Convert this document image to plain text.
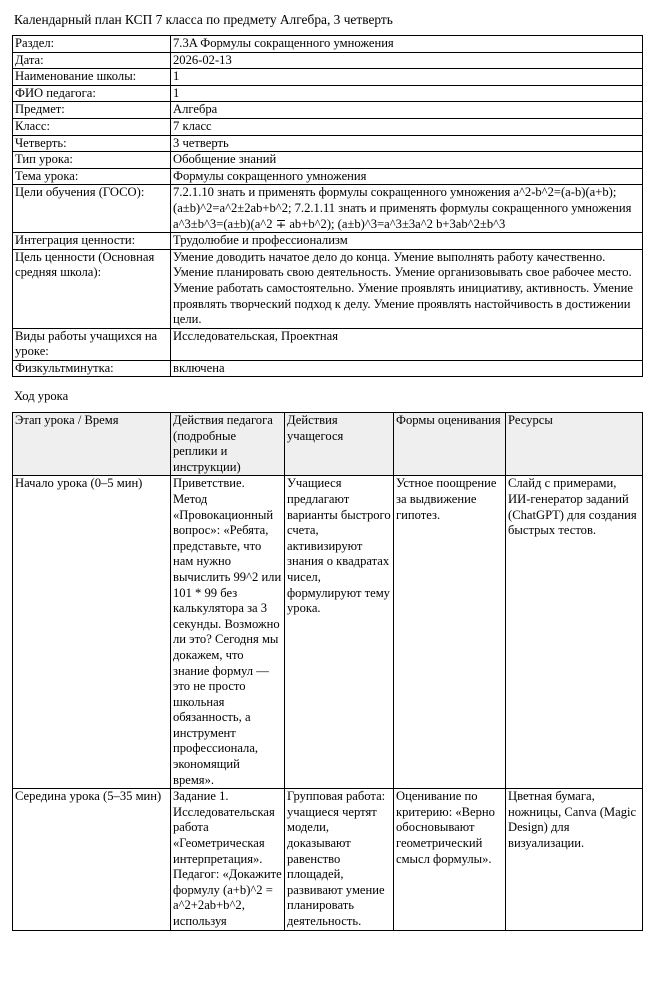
Календарный план КСП 7 класса по предмету Алгебра, 3 четверть
Раздел:	7.3A Формулы сокращенного умножения
Дата:	2026-02-13
Наименование школы:	1
ФИО педагога:	1
Предмет:	Алгебра
Класс:	7 класс
Четверть:	3 четверть
Тип урока:	Обобщение знаний
Тема урока:	Формулы сокращенного умножения
Цели обучения (ГОСО):	7.2.1.10 знать и применять формулы сокращенного умножения a^2-b^2=(a-b)(a+b); (a±b)^2=a^2±2ab+b^2; 7.2.1.11 знать и применять формулы сокращенного умножения a^3±b^3=(a±b)(a^2 ∓ ab+b^2); (a±b)^3=a^3±3a^2 b+3ab^2±b^3
Интеграция ценности:	Трудолюбие и профессионализм
Цель ценности (Основная средняя школа):	Умение доводить начатое дело до конца. Умение выполнять работу качественно. Умение планировать свою деятельность. Умение организовывать свое рабочее место. Умение работать самостоятельно. Умение проявлять инициативу, активность. Умение проявлять творческий подход к делу. Умение проявлять настойчивость в достижении цели.
Виды работы учащихся на уроке:	Исследовательская, Проектная
Физкультминутка:	включена
Ход урока
Этап урока / Время	Действия педагога (подробные реплики и инструкции)	Действия учащегося	Формы оценивания	Ресурсы
Начало урока (0–5 мин)	Приветствие. Метод «Провокационный вопрос»: «Ребята, представьте, что нам нужно вычислить 99^2 или 101 * 99 без калькулятора за 3 секунды. Возможно ли это? Сегодня мы докажем, что знание формул — это не просто школьная обязанность, а инструмент профессионала, экономящий время».	Учащиеся предлагают варианты быстрого счета, активизируют знания о квадратах чисел, формулируют тему урока.	Устное поощрение за выдвижение гипотез.	Слайд с примерами, ИИ-генератор заданий (ChatGPT) для создания быстрых тестов.
Середина урока (5–35 мин)	Задание 1. Исследовательская работа «Геометрическая интерпретация». Педагог: «Докажите формулу (a+b)^2 = a^2+2ab+b^2, используя	Групповая работа: учащиеся чертят модели, доказывают равенство площадей, развивают умение планировать деятельность.	Оценивание по критерию: «Верно обосновывают геометрический смысл формулы».	Цветная бумага, ножницы, Canva (Magic Design) для визуализации.
